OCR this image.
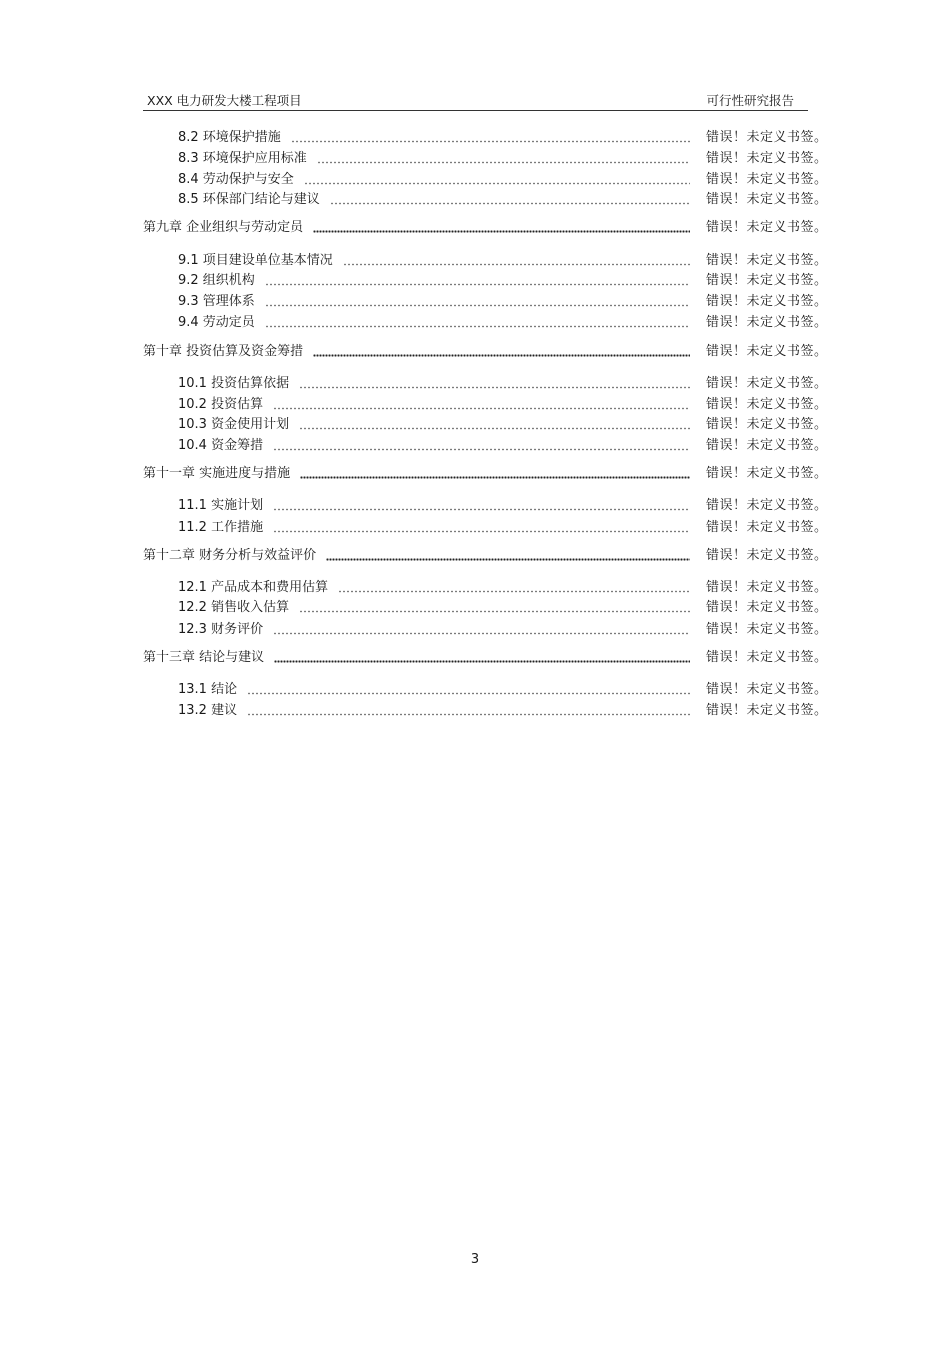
XXX 电力研发大楼工程项目	可行性研究报告
8.2 环境保护措施	错误！未定义书签。
8.3 环境保护应用标准	错误！未定义书签。
8.4 劳动保护与安全	错误！未定义书签。
8.5 环保部门结论与建议	错误！未定义书签。
第九章 企业组织与劳动定员	错误！未定义书签。
9.1 项目建设单位基本情况	错误！未定义书签。
9.2 组织机构	错误！未定义书签。
9.3 管理体系	错误！未定义书签。
9.4 劳动定员	错误！未定义书签。
第十章 投资估算及资金筹措	错误！未定义书签。
10.1 投资估算依据	错误！未定义书签。
10.2 投资估算	错误！未定义书签。
10.3 资金使用计划	错误！未定义书签。
10.4 资金筹措	错误！未定义书签。
第十一章 实施进度与措施	错误！未定义书签。
11.1 实施计划	错误！未定义书签。
11.2 工作措施	错误！未定义书签。
第十二章 财务分析与效益评价	错误！未定义书签。
12.1 产品成本和费用估算	错误！未定义书签。
12.2 销售收入估算	错误！未定义书签。
12.3 财务评价	错误！未定义书签。
第十三章 结论与建议	错误！未定义书签。
13.1 结论	错误！未定义书签。
13.2 建议	错误！未定义书签。
3
